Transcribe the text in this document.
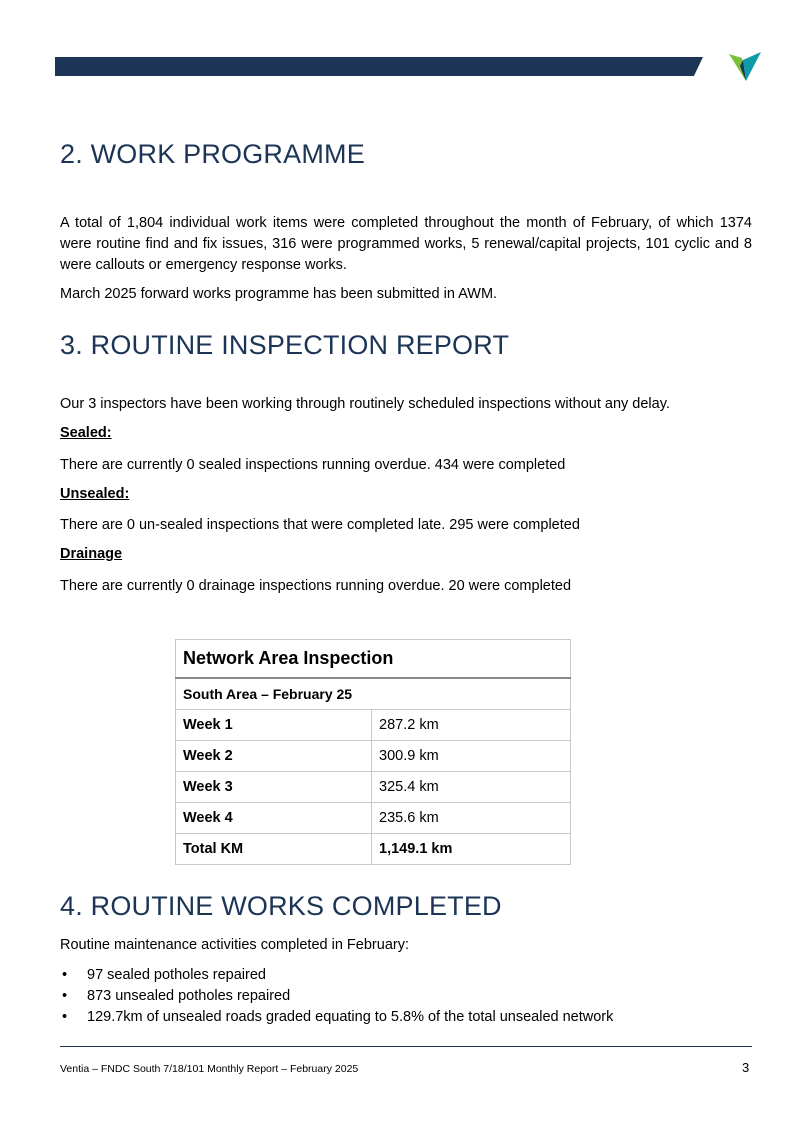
2. WORK PROGRAMME

A total of 1,804 individual work items were completed throughout the month of February, of which 1374 were routine find and fix issues, 316 were programmed works, 5 renewal/capital projects, 101 cyclic and 8 were callouts or emergency response works.

March 2025 forward works programme has been submitted in AWM.

3. ROUTINE INSPECTION REPORT

Our 3 inspectors have been working through routinely scheduled inspections without any delay.

Sealed:

There are currently 0 sealed inspections running overdue. 434 were completed

Unsealed:

There are 0 un-sealed inspections that were completed late. 295 were completed

Drainage

There are currently 0 drainage inspections running overdue. 20 were completed

Network Area Inspection	
South Area – February 25	
Week 1	287.2 km
Week 2	300.9 km
Week 3	325.4 km
Week 4	235.6 km
Total KM	1,149.1 km
4. ROUTINE WORKS COMPLETED

Routine maintenance activities completed in February:

• 97 sealed potholes repaired
• 873 unsealed potholes repaired
• 129.7km of unsealed roads graded equating to 5.8% of the total unsealed network
Ventia – FNDC South 7/18/101 Monthly Report – February 2025	3
